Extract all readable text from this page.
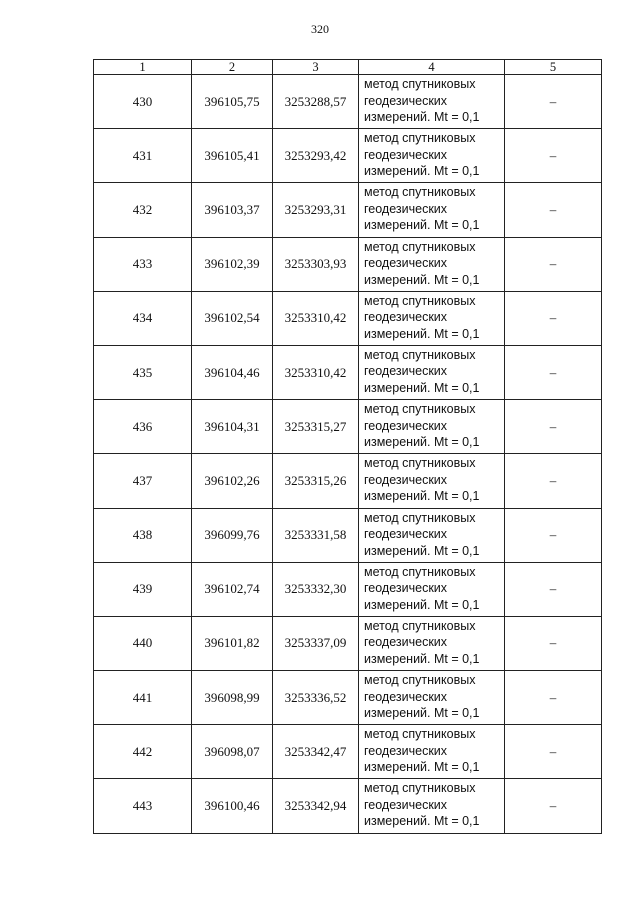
320
1	2	3	4	5
430	396105,75	3253288,57	метод спутниковых
геодезических
измерений. Mt = 0,1	–
431	396105,41	3253293,42	метод спутниковых
геодезических
измерений. Mt = 0,1	–
432	396103,37	3253293,31	метод спутниковых
геодезических
измерений. Mt = 0,1	–
433	396102,39	3253303,93	метод спутниковых
геодезических
измерений. Mt = 0,1	–
434	396102,54	3253310,42	метод спутниковых
геодезических
измерений. Mt = 0,1	–
435	396104,46	3253310,42	метод спутниковых
геодезических
измерений. Mt = 0,1	–
436	396104,31	3253315,27	метод спутниковых
геодезических
измерений. Mt = 0,1	–
437	396102,26	3253315,26	метод спутниковых
геодезических
измерений. Mt = 0,1	–
438	396099,76	3253331,58	метод спутниковых
геодезических
измерений. Mt = 0,1	–
439	396102,74	3253332,30	метод спутниковых
геодезических
измерений. Mt = 0,1	–
440	396101,82	3253337,09	метод спутниковых
геодезических
измерений. Mt = 0,1	–
441	396098,99	3253336,52	метод спутниковых
геодезических
измерений. Mt = 0,1	–
442	396098,07	3253342,47	метод спутниковых
геодезических
измерений. Mt = 0,1	–
443	396100,46	3253342,94	метод спутниковых
геодезических
измерений. Mt = 0,1	–
